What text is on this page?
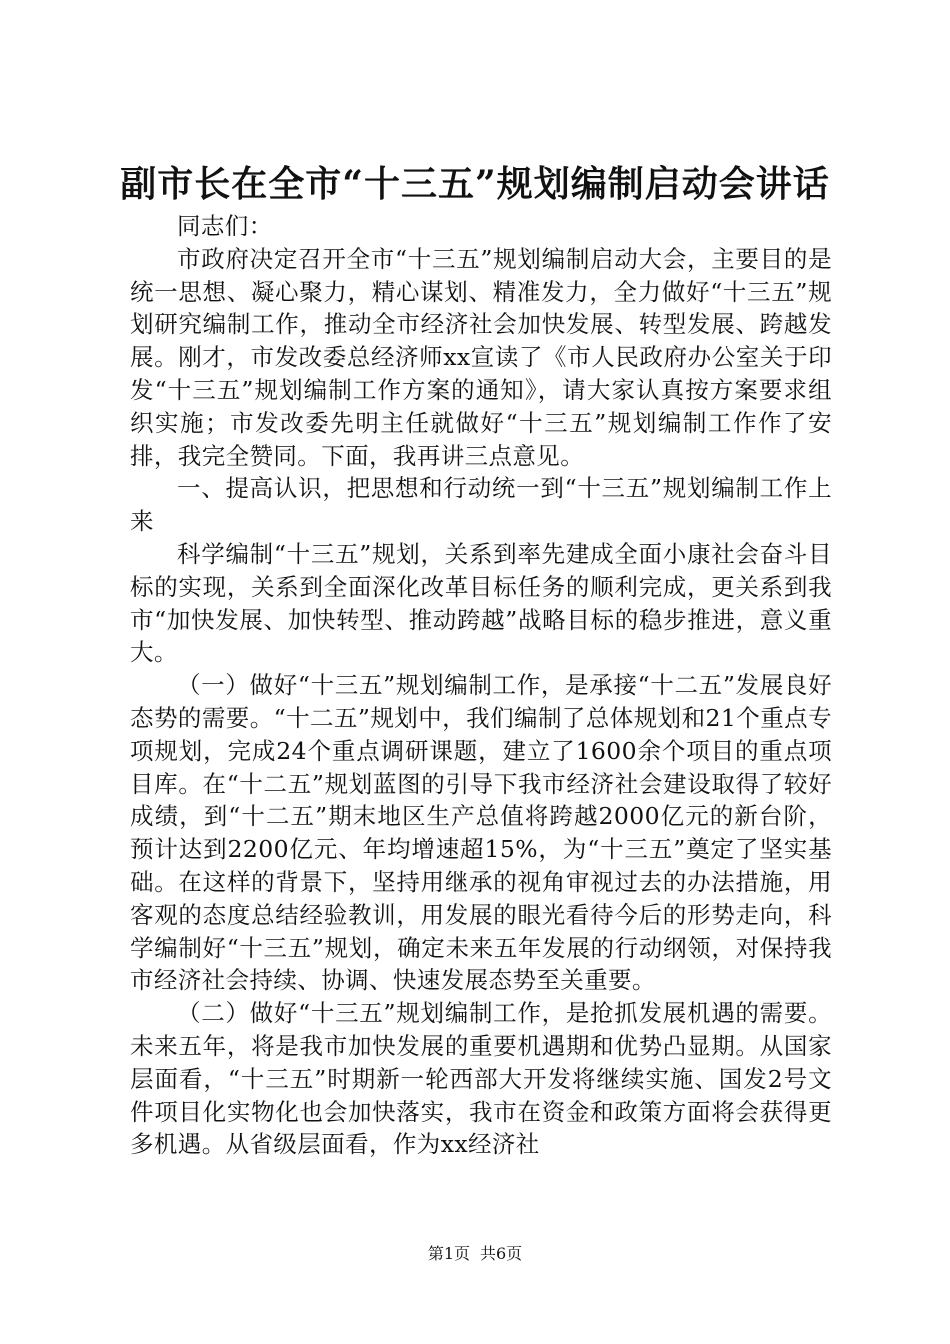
副市长在全市“十三五”规划编制启动会讲话

同志们：

市政府决定召开全市“十三五”规划编制启动大会，主要目的是统一思想、凝心聚力，精心谋划、精准发力，全力做好“十三五”规划研究编制工作，推动全市经济社会加快发展、转型发展、跨越发展。刚才，市发改委总经济师xx宣读了《市人民政府办公室关于印发“十三五”规划编制工作方案的通知》，请大家认真按方案要求组织实施；市发改委先明主任就做好“十三五”规划编制工作作了安排，我完全赞同。下面，我再讲三点意见。

一、提高认识，把思想和行动统一到“十三五”规划编制工作上来

科学编制“十三五”规划，关系到率先建成全面小康社会奋斗目标的实现，关系到全面深化改革目标任务的顺利完成，更关系到我市“加快发展、加快转型、推动跨越”战略目标的稳步推进，意义重大。

（一）做好“十三五”规划编制工作，是承接“十二五”发展良好态势的需要。“十二五”规划中，我们编制了总体规划和21个重点专项规划，完成24个重点调研课题，建立了1600余个项目的重点项目库。在“十二五”规划蓝图的引导下我市经济社会建设取得了较好成绩，到“十二五”期末地区生产总值将跨越2000亿元的新台阶，预计达到2200亿元、年均增速超15%，为“十三五”奠定了坚实基础。在这样的背景下，坚持用继承的视角审视过去的办法措施，用客观的态度总结经验教训，用发展的眼光看待今后的形势走向，科学编制好“十三五”规划，确定未来五年发展的行动纲领，对保持我市经济社会持续、协调、快速发展态势至关重要。

（二）做好“十三五”规划编制工作，是抢抓发展机遇的需要。未来五年，将是我市加快发展的重要机遇期和优势凸显期。从国家层面看，“十三五”时期新一轮西部大开发将继续实施、国发2号文件项目化实物化也会加快落实，我市在资金和政策方面将会获得更多机遇。从省级层面看，作为xx经济社

第1页 共6页
